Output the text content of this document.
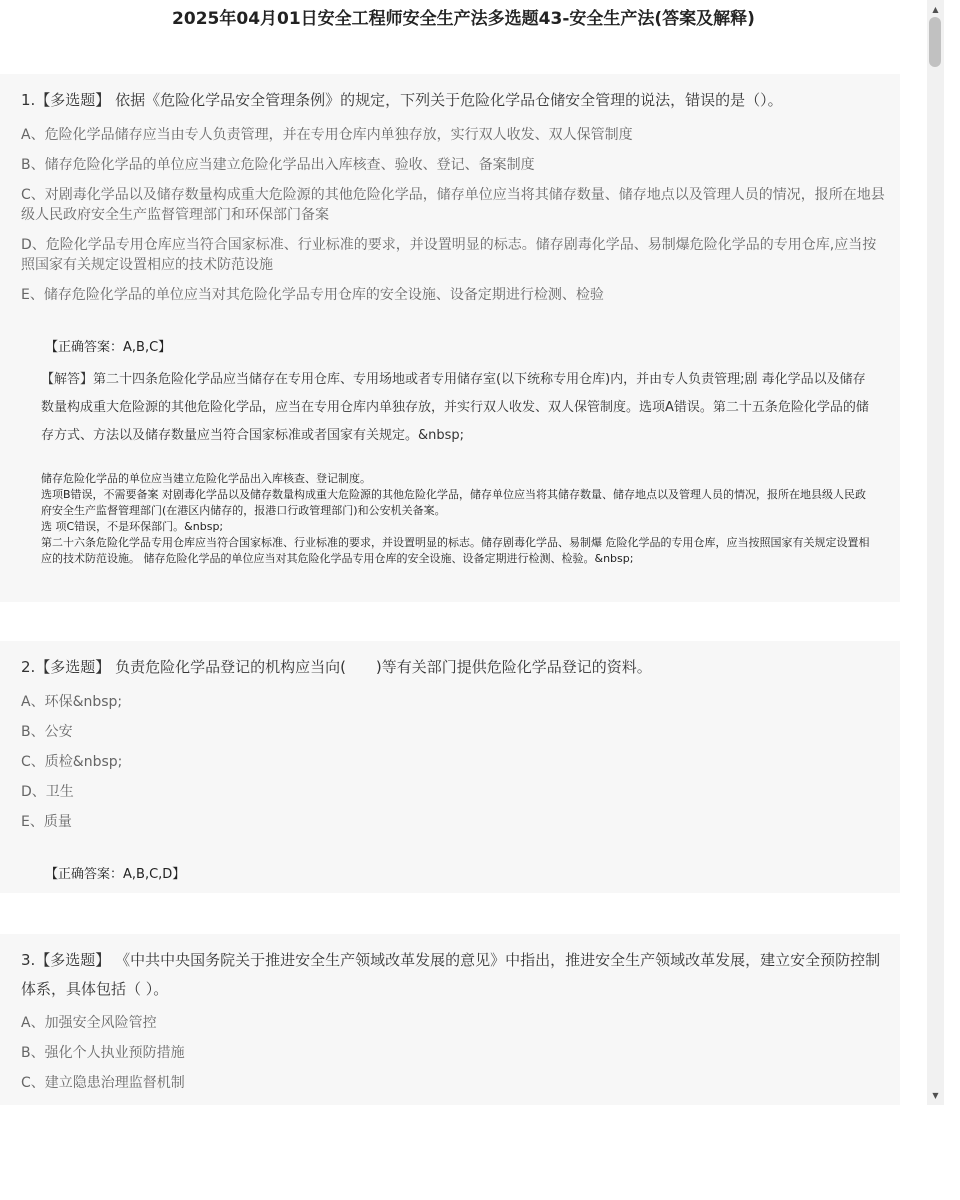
2025年04月01日安全工程师安全生产法多选题43-安全生产法(答案及解释)
1.【多选题】 依据《危险化学品安全管理条例》的规定，下列关于危险化学品仓储安全管理的说法，错误的是（）。
A、危险化学品储存应当由专人负责管理，并在专用仓库内单独存放，实行双人收发、双人保管制度
B、储存危险化学品的单位应当建立危险化学品出入库核查、验收、登记、备案制度
C、对剧毒化学品以及储存数量构成重大危险源的其他危险化学品，储存单位应当将其储存数量、储存地点以及管理人员的情况，报所在地县级人民政府安全生产监督管理部门和环保部门备案
D、危险化学品专用仓库应当符合国家标准、行业标准的要求，并设置明显的标志。储存剧毒化学品、易制爆危险化学品的专用仓库,应当按照国家有关规定设置相应的技术防范设施
E、储存危险化学品的单位应当对其危险化学品专用仓库的安全设施、设备定期进行检测、检验
【正确答案：A,B,C】
【解答】第二十四条危险化学品应当储存在专用仓库、专用场地或者专用储存室(以下统称专用仓库)内，并由专人负责管理;剧 毒化学品以及储存数量构成重大危险源的其他危险化学品，应当在专用仓库内单独存放，并实行双人收发、双人保管制度。选项A错误。第二十五条危险化学品的储存方式、方法以及储存数量应当符合国家标准或者国家有关规定。&nbsp;
储存危险化学品的单位应当建立危险化学品出入库核查、登记制度。
选项B错误，不需要备案 对剧毒化学品以及储存数量构成重大危险源的其他危险化学品，储存单位应当将其储存数量、储存地点以及管理人员的情况，报所在地县级人民政府安全生产监督管理部门(在港区内储存的，报港口行政管理部门)和公安机关备案。
选 项C错误，不是环保部门。&nbsp;
第二十六条危险化学品专用仓库应当符合国家标准、行业标准的要求，并设置明显的标志。储存剧毒化学品、易制爆 危险化学品的专用仓库，应当按照国家有关规定设置相应的技术防范设施。 储存危险化学品的单位应当对其危险化学品专用仓库的安全设施、设备定期进行检测、检验。&nbsp;
2.【多选题】 负责危险化学品登记的机构应当向(　　)等有关部门提供危险化学品登记的资料。
A、环保&nbsp;
B、公安
C、质检&nbsp;
D、卫生
E、质量
【正确答案：A,B,C,D】
3.【多选题】 《中共中央国务院关于推进安全生产领域改革发展的意见》中指出，推进安全生产领域改革发展，建立安全预防控制体系，具体包括（ ）。
A、加强安全风险管控
B、强化个人执业预防措施
C、建立隐患治理监督机制
▲
▼
